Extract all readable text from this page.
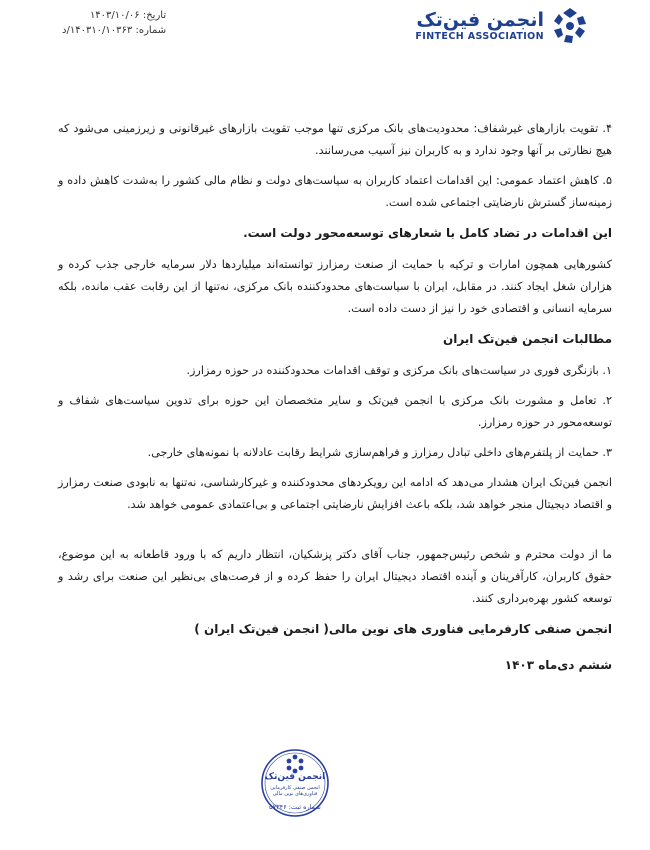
انجمن فین‌تک
FINTECH ASSOCIATION
تاریخ: ۱۴۰۳/۱۰/۰۶
شماره: ۱۴۰۳۱۰/۱۰۳۶۳/د

۴. تقویت بازارهای غیرشفاف: محدودیت‌های بانک مرکزی تنها موجب تقویت بازارهای غیرقانونی و زیرزمینی می‌شود که هیچ نظارتی بر آنها وجود ندارد و به کاربران نیز آسیب می‌رسانند.

۵. کاهش اعتماد عمومی: این اقدامات اعتماد کاربران به سیاست‌های دولت و نظام مالی کشور را به‌شدت کاهش داده و زمینه‌ساز گسترش نارضایتی اجتماعی شده است.

این اقدامات در تضاد کامل با شعارهای توسعه‌محور دولت است.

کشورهایی همچون امارات و ترکیه با حمایت از صنعت رمزارز توانسته‌اند میلیاردها دلار سرمایه خارجی جذب کرده و هزاران شغل ایجاد کنند. در مقابل، ایران با سیاست‌های محدودکننده بانک مرکزی، نه‌تنها از این رقابت عقب مانده، بلکه سرمایه انسانی و اقتصادی خود را نیز از دست داده است.

مطالبات انجمن فین‌تک ایران

۱. بازنگری فوری در سیاست‌های بانک مرکزی و توقف اقدامات محدودکننده در حوزه رمزارز.

۲. تعامل و مشورت بانک مرکزی با انجمن فین‌تک و سایر متخصصان این حوزه برای تدوین سیاست‌های شفاف و توسعه‌محور در حوزه رمزارز.

۳. حمایت از پلتفرم‌های داخلی تبادل رمزارز و فراهم‌سازی شرایط رقابت عادلانه با نمونه‌های خارجی.

انجمن فین‌تک ایران هشدار می‌دهد که ادامه این رویکردهای محدودکننده و غیرکارشناسی، نه‌تنها به نابودی صنعت رمزارز و اقتصاد دیجیتال منجر خواهد شد، بلکه باعث افزایش نارضایتی اجتماعی و بی‌اعتمادی عمومی خواهد شد.

ما از دولت محترم و شخص رئیس‌جمهور، جناب آقای دکتر پزشکیان، انتظار داریم که با ورود قاطعانه به این موضوع، حقوق کاربران، کارآفرینان و آینده اقتصاد دیجیتال ایران را حفظ کرده و از فرصت‌های بی‌نظیر این صنعت برای رشد و توسعه کشور بهره‌برداری کنند.

انجمن صنفی کارفرمایی فناوری های نوین مالی( انجمن فین‌تک ایران )

ششم دی‌ماه ۱۴۰۳

انجمن فین‌تک
انجمن صنفی کارفرمایی فناوری‌های نوین مالی
شماره ثبت: ۵۷۳۴۶
